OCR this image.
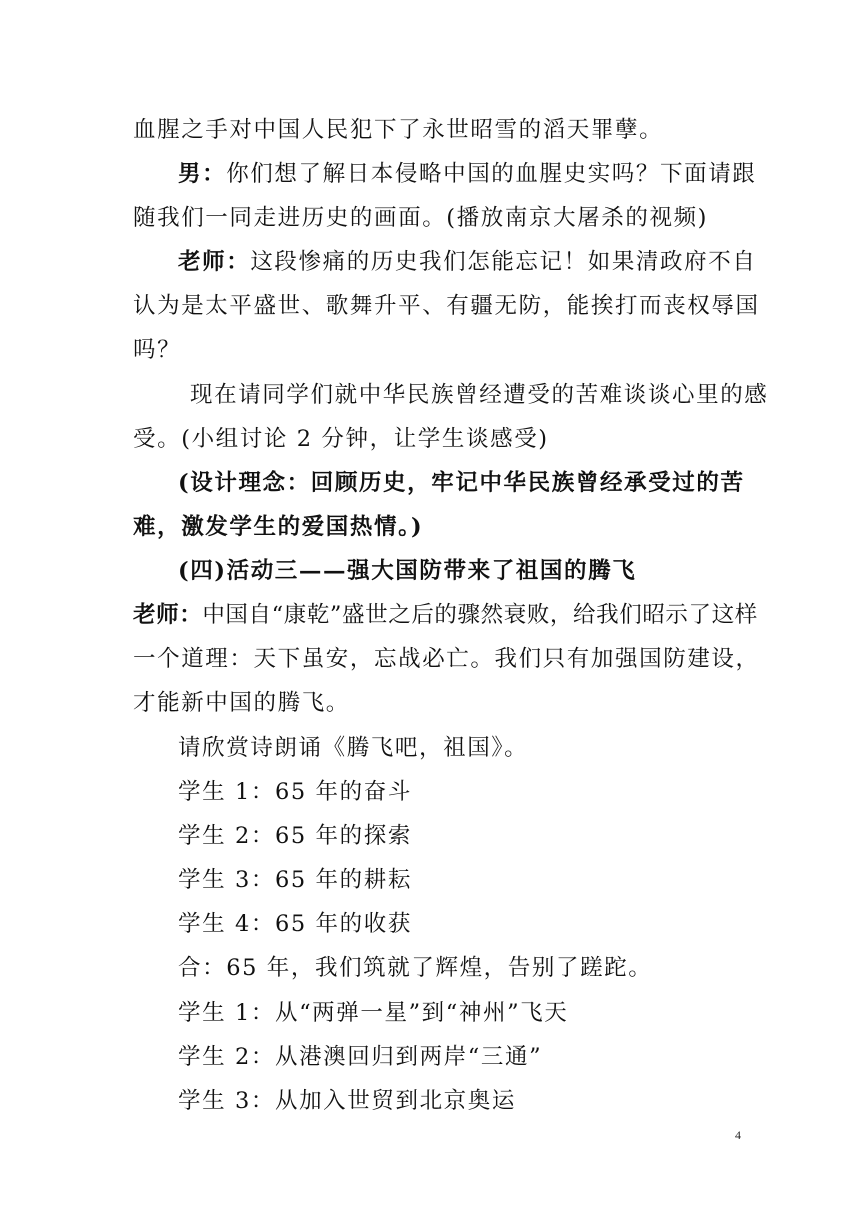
血腥之手对中国人民犯下了永世昭雪的滔天罪孽。
男：你们想了解日本侵略中国的血腥史实吗？下面请跟
随我们一同走进历史的画面。(播放南京大屠杀的视频)
老师：这段惨痛的历史我们怎能忘记！如果清政府不自
认为是太平盛世、歌舞升平、有疆无防，能挨打而丧权辱国
吗？
现在请同学们就中华民族曾经遭受的苦难谈谈心里的感
受。(小组讨论 2 分钟，让学生谈感受)
(设计理念：回顾历史，牢记中华民族曾经承受过的苦
难，激发学生的爱国热情。)
(四)活动三——强大国防带来了祖国的腾飞
老师：中国自“康乾”盛世之后的骤然衰败，给我们昭示了这样
一个道理：天下虽安，忘战必亡。我们只有加强国防建设，
才能新中国的腾飞。
请欣赏诗朗诵《腾飞吧，祖国》。
学生 1：65 年的奋斗
学生 2：65 年的探索
学生 3：65 年的耕耘
学生 4：65 年的收获
合：65 年，我们筑就了辉煌，告别了蹉跎。
学生 1：从“两弹一星”到“神州”飞天
学生 2：从港澳回归到两岸“三通”
学生 3：从加入世贸到北京奥运
4
